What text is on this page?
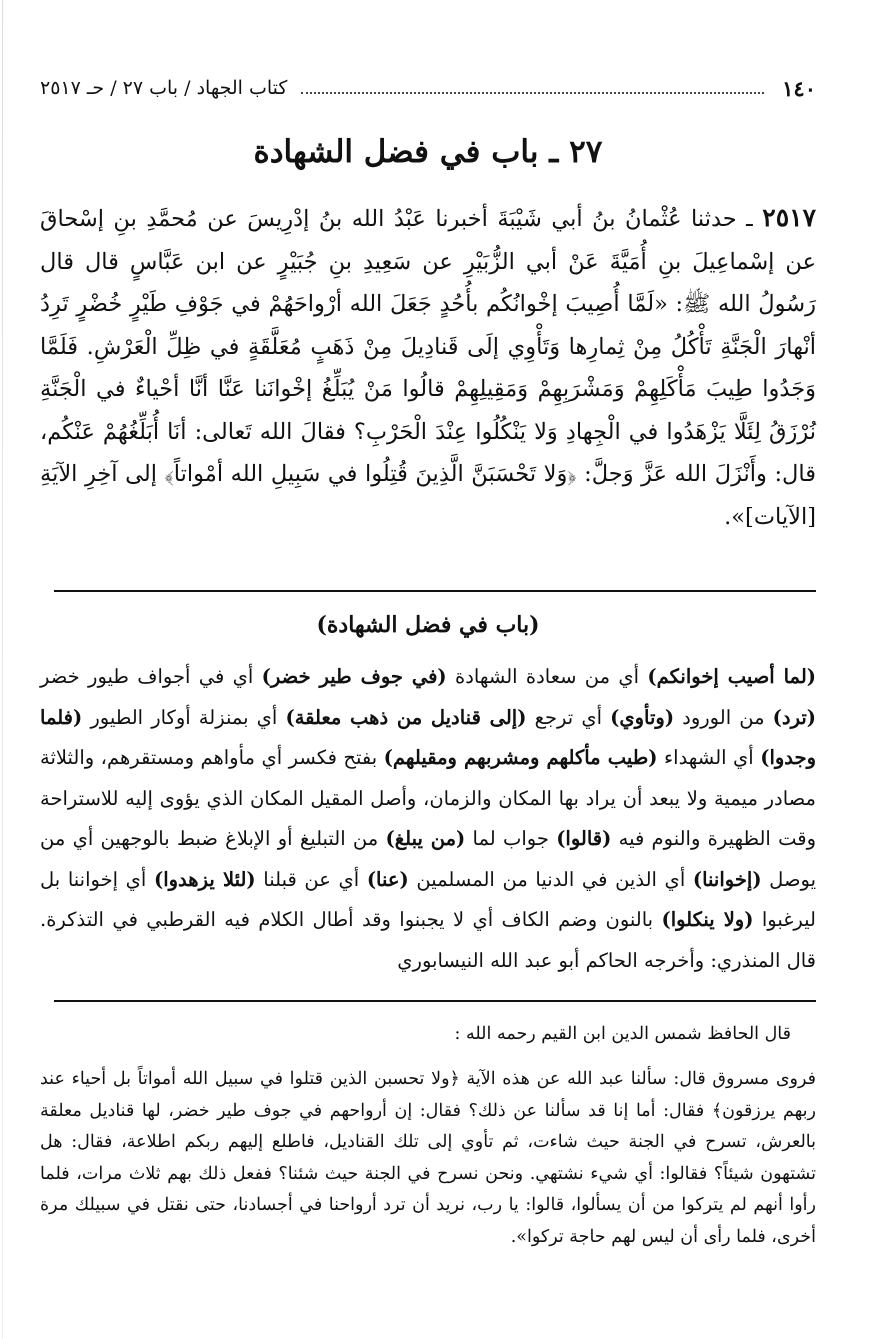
١٤٠
كتاب الجهاد / باب ٢٧ / حـ ٢٥١٧
٢٧ ـ باب في فضل الشهادة
٢٥١٧ ـ حدثنا عُثْمانُ بنُ أبي شَيْبَةَ أخبرنا عَبْدُ الله بنُ إدْرِيسَ عن مُحمَّدِ بنِ إسْحاقَ عن إسْماعِيلَ بنِ أُمَيَّةَ عَنْ أبي الزُّبَيْرِ عن سَعِيدِ بنِ جُبَيْرٍ عن ابن عَبَّاسٍ قال قال رَسُولُ الله ﷺ: «لَمَّا أُصِيبَ إخْوانُكُم بأُحُدٍ جَعَلَ الله أرْواحَهُمْ في جَوْفِ طَيْرٍ خُضْرٍ تَرِدُ أنْهارَ الْجَنَّةِ تَأْكُلُ مِنْ ثِمارِها وَتَأْوِي إلَى قَنادِيلَ مِنْ ذَهَبٍ مُعَلَّقَةٍ في ظِلِّ الْعَرْشِ. فَلَمَّا وَجَدُوا طِيبَ مَأْكَلِهِمْ وَمَشْرَبِهِمْ وَمَقِيلِهِمْ قالُوا مَنْ يُبَلِّغُ إخْوانَنا عَنَّا أنَّا أحْياءٌ في الْجَنَّةِ نُرْزَقُ لِئَلَّا يَزْهَدُوا في الْجِهادِ وَلا يَنْكُلُوا عِنْدَ الْحَرْبِ؟ فقالَ الله تَعالى: أنَا أُبَلِّغُهُمْ عَنْكُم، قال: وأَنْزَلَ الله عَزَّ وَجلَّ: ﴿وَلا تَحْسَبَنَّ الَّذِينَ قُتِلُوا في سَبِيلِ الله أمْواتاً﴾ إلى آخِرِ الآيَةِ [الآيات]».
(باب في فضل الشهادة)
(لما أصيب إخوانكم) أي من سعادة الشهادة (في جوف طير خضر) أي في أجواف طيور خضر (ترد) من الورود (وتأوي) أي ترجع (إلى قناديل من ذهب معلقة) أي بمنزلة أوكار الطيور (فلما وجدوا) أي الشهداء (طيب مأكلهم ومشربهم ومقيلهم) بفتح فكسر أي مأواهم ومستقرهم، والثلاثة مصادر ميمية ولا يبعد أن يراد بها المكان والزمان، وأصل المقيل المكان الذي يؤوى إليه للاستراحة وقت الظهيرة والنوم فيه (قالوا) جواب لما (من يبلغ) من التبليغ أو الإبلاغ ضبط بالوجهين أي من يوصل (إخواننا) أي الذين في الدنيا من المسلمين (عنا) أي عن قبلنا (لئلا يزهدوا) أي إخواننا بل ليرغبوا (ولا ينكلوا) بالنون وضم الكاف أي لا يجبنوا وقد أطال الكلام فيه القرطبي في التذكرة. قال المنذري: وأخرجه الحاكم أبو عبد الله النيسابوري
قال الحافظ شمس الدين ابن القيم رحمه الله :
فروى مسروق قال: سألنا عبد الله عن هذه الآية ﴿ولا تحسبن الذين قتلوا في سبيل الله أمواتاً بل أحياء عند ربهم يرزقون﴾ فقال: أما إنا قد سألنا عن ذلك؟ فقال: إن أرواحهم في جوف طير خضر، لها قناديل معلقة بالعرش، تسرح في الجنة حيث شاءت، ثم تأوي إلى تلك القناديل، فاطلع إليهم ربكم اطلاعة، فقال: هل تشتهون شيئاً؟ فقالوا: أي شيء نشتهي. ونحن نسرح في الجنة حيث شئنا؟ ففعل ذلك بهم ثلاث مرات، فلما رأوا أنهم لم يتركوا من أن يسألوا، قالوا: يا رب، نريد أن ترد أرواحنا في أجسادنا، حتى نقتل في سبيلك مرة أخرى، فلما رأى أن ليس لهم حاجة تركوا».
